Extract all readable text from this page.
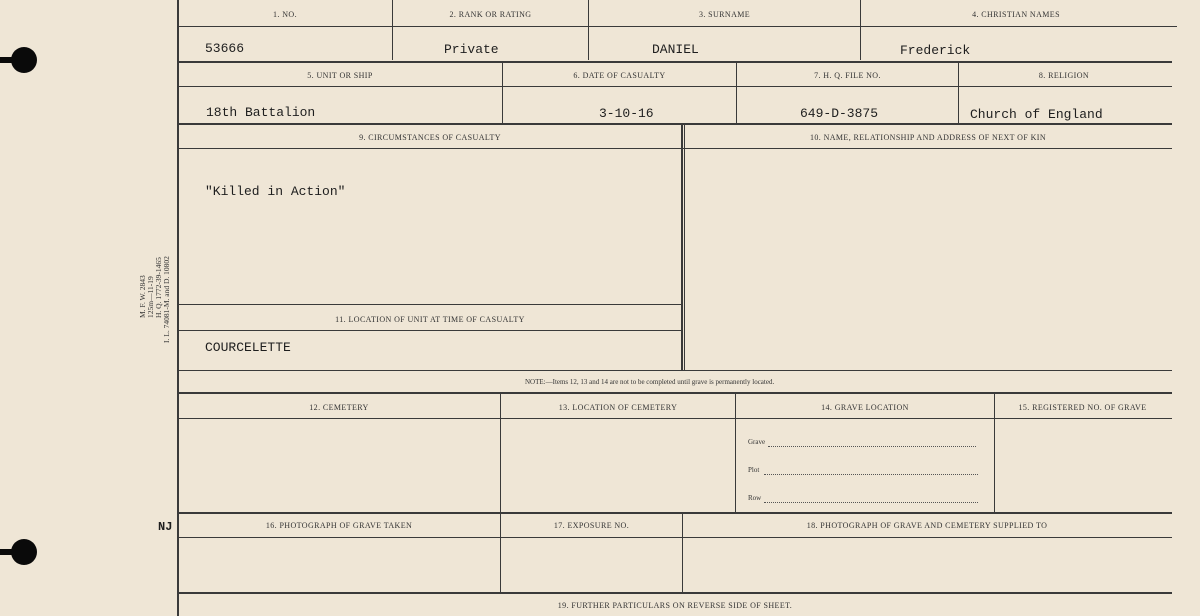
M. F. W. 2843 125m—11-19 H. Q. 1772-39-1465 I. L. 74081-M. and D. 10802
NJ
1. NO.	2. RANK OR RATING	3. SURNAME	4. CHRISTIAN NAMES
53666	Private	DANIEL	Frederick
5. UNIT OR SHIP	6. DATE OF CASUALTY	7. H. Q. FILE NO.	8. RELIGION
18th Battalion	3-10-16	649-D-3875	Church of England
9. CIRCUMSTANCES OF CASUALTY	10. NAME, RELATIONSHIP AND ADDRESS OF NEXT OF KIN
"Killed in Action"
11. LOCATION OF UNIT AT TIME OF CASUALTY
COURCELETTE
NOTE:—Items 12, 13 and 14 are not to be completed until grave is permanently located.
12. CEMETERY	13. LOCATION OF CEMETERY	14. GRAVE LOCATION	15. REGISTERED NO. OF GRAVE
Grave
Plot
Row
16. PHOTOGRAPH OF GRAVE TAKEN	17. EXPOSURE NO.	18. PHOTOGRAPH OF GRAVE AND CEMETERY SUPPLIED TO
19. FURTHER PARTICULARS ON REVERSE SIDE OF SHEET.
